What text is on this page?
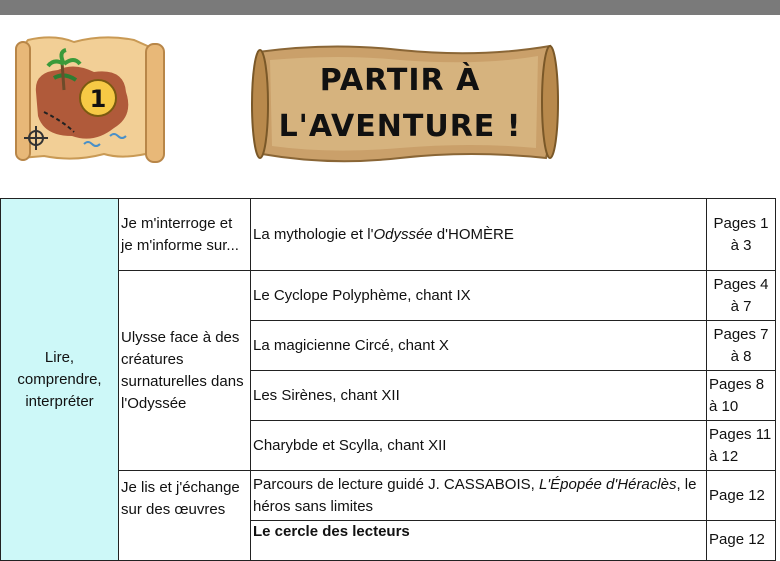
1
PARTIR À
L'AVENTURE !
Lire, comprendre, interpréter	Je m'interroge et je m'informe sur...	La mythologie et l'Odyssée d'HOMÈRE	Pages 1 à 3
	Ulysse face à des créatures surnaturelles dans l'Odyssée	Le Cyclope Polyphème, chant IX	Pages 4 à 7
		La magicienne Circé, chant X	Pages 7 à 8
		Les Sirènes, chant XII	Pages 8 à 10
		Charybde et Scylla, chant XII	Pages 11 à 12
	Je lis et j'échange sur des œuvres	Parcours de lecture guidé J. CASSABOIS, L'Épopée d'Héraclès, le héros sans limites	Page 12
		Le cercle des lecteurs	Page 12
